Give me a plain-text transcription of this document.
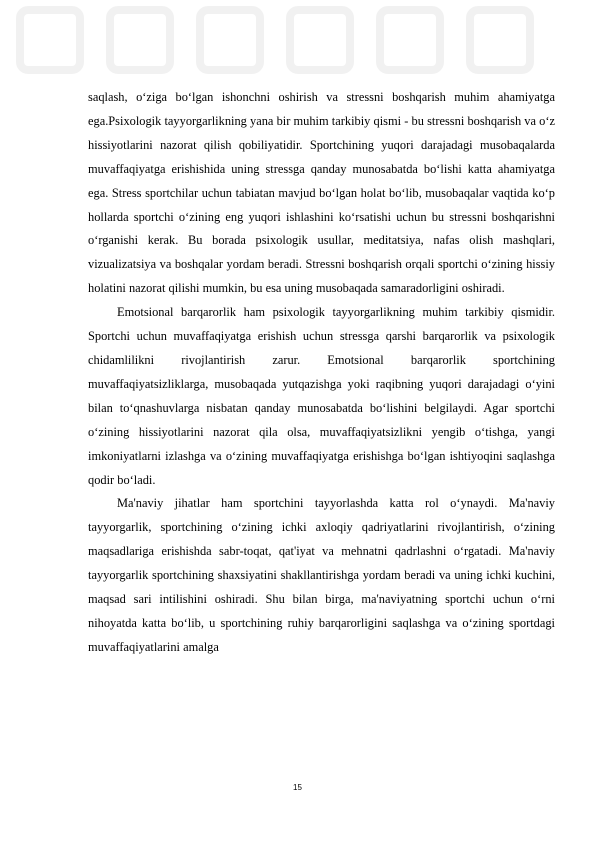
saqlash, o‘ziga bo‘lgan ishonchni oshirish va stressni boshqarish muhim ahamiyatga ega.Psixologik tayyorgarlikning yana bir muhim tarkibiy qismi - bu stressni boshqarish va o‘z hissiyotlarini nazorat qilish qobiliyatidir. Sportchining yuqori darajadagi musobaqalarda muvaffaqiyatga erishishida uning stressga qanday munosabatda bo‘lishi katta ahamiyatga ega. Stress sportchilar uchun tabiatan mavjud bo‘lgan holat bo‘lib, musobaqalar vaqtida ko‘p hollarda sportchi o‘zining eng yuqori ishlashini ko‘rsatishi uchun bu stressni boshqarishni o‘rganishi kerak. Bu borada psixologik usullar, meditatsiya, nafas olish mashqlari, vizualizatsiya va boshqalar yordam beradi. Stressni boshqarish orqali sportchi o‘zining hissiy holatini nazorat qilishi mumkin, bu esa uning musobaqada samaradorligini oshiradi.

Emotsional barqarorlik ham psixologik tayyorgarlikning muhim tarkibiy qismidir. Sportchi uchun muvaffaqiyatga erishish uchun stressga qarshi barqarorlik va psixologik chidamlilikni rivojlantirish zarur. Emotsional barqarorlik sportchining muvaffaqiyatsizliklarga, musobaqada yutqazishga yoki raqibning yuqori darajadagi o‘yini bilan to‘qnashuvlarga nisbatan qanday munosabatda bo‘lishini belgilaydi. Agar sportchi o‘zining hissiyotlarini nazorat qila olsa, muvaffaqiyatsizlikni yengib o‘tishga, yangi imkoniyatlarni izlashga va o‘zining muvaffaqiyatga erishishga bo‘lgan ishtiyoqini saqlashga qodir bo‘ladi.

Ma'naviy jihatlar ham sportchini tayyorlashda katta rol o‘ynaydi. Ma'naviy tayyorgarlik, sportchining o‘zining ichki axloqiy qadriyatlarini rivojlantirish, o‘zining maqsadlariga erishishda sabr-toqat, qat'iyat va mehnatni qadrlashni o‘rgatadi. Ma'naviy tayyorgarlik sportchining shaxsiyatini shakllantirishga yordam beradi va uning ichki kuchini, maqsad sari intilishini oshiradi. Shu bilan birga, ma'naviyatning sportchi uchun o‘rni nihoyatda katta bo‘lib, u sportchining ruhiy barqarorligini saqlashga va o‘zining sportdagi muvaffaqiyatlarini amalga

15
